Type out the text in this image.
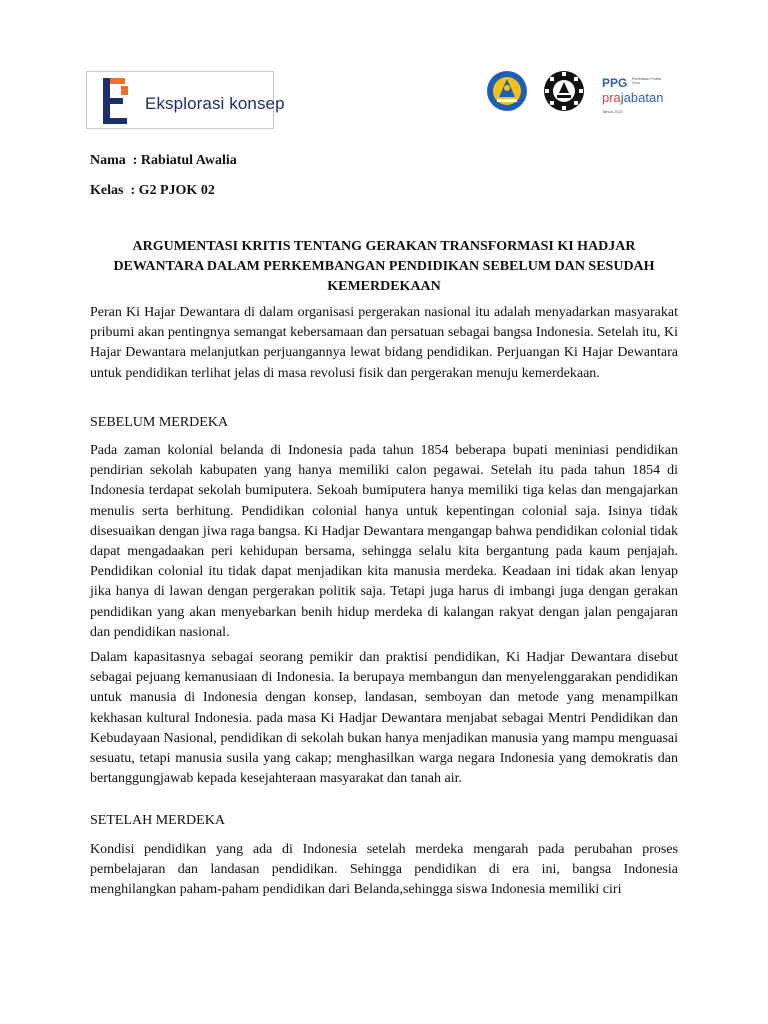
Eksplorasi konsep
PPG Pendidikan Profesi Guru
prajabatan
Tahun 2022
Nama  : Rabiatul Awalia
Kelas  : G2 PJOK 02
ARGUMENTASI KRITIS TENTANG GERAKAN TRANSFORMASI KI HADJAR
DEWANTARA DALAM PERKEMBANGAN PENDIDIKAN SEBELUM DAN SESUDAH
KEMERDEKAAN

Peran Ki Hajar Dewantara di dalam organisasi pergerakan nasional itu adalah menyadarkan masyarakat pribumi akan pentingnya semangat kebersamaan dan persatuan sebagai bangsa Indonesia. Setelah itu, Ki Hajar Dewantara melanjutkan perjuangannya lewat bidang pendidikan. Perjuangan Ki Hajar Dewantara untuk pendidikan terlihat jelas di masa revolusi fisik dan pergerakan menuju kemerdekaan.

SEBELUM MERDEKA

Pada zaman kolonial belanda di Indonesia pada tahun 1854 beberapa bupati meniniasi pendidikan pendirian sekolah kabupaten yang hanya memiliki calon pegawai. Setelah itu pada tahun 1854 di Indonesia terdapat sekolah bumiputera. Sekoah bumiputera hanya memiliki tiga kelas dan mengajarkan menulis serta berhitung. Pendidikan colonial hanya untuk kepentingan colonial saja. Isinya tidak disesuaikan dengan jiwa raga bangsa. Ki Hadjar Dewantara mengangap bahwa pendidikan colonial tidak dapat mengadaakan peri kehidupan bersama, sehingga selalu kita bergantung pada kaum penjajah. Pendidikan colonial itu tidak dapat menjadikan kita manusia merdeka. Keadaan ini tidak akan lenyap jika hanya di lawan dengan pergerakan politik saja. Tetapi juga harus di imbangi juga dengan gerakan pendidikan yang akan menyebarkan benih hidup merdeka di kalangan rakyat dengan jalan pengajaran dan pendidikan nasional.

Dalam kapasitasnya sebagai seorang pemikir dan praktisi pendidikan, Ki Hadjar Dewantara disebut sebagai pejuang kemanusiaan di Indonesia. Ia berupaya membangun dan menyelenggarakan pendidikan untuk manusia di Indonesia dengan konsep, landasan, semboyan dan metode yang menampilkan kekhasan kultural Indonesia. pada masa Ki Hadjar Dewantara menjabat sebagai Mentri Pendidikan dan Kebudayaan Nasional, pendidikan di sekolah bukan hanya menjadikan manusia yang mampu menguasai sesuatu, tetapi manusia susila yang cakap; menghasilkan warga negara Indonesia yang demokratis dan bertanggungjawab kepada kesejahteraan masyarakat dan tanah air.

SETELAH MERDEKA

Kondisi pendidikan yang ada di Indonesia setelah merdeka mengarah pada perubahan proses pembelajaran dan landasan pendidikan. Sehingga pendidikan di era ini, bangsa Indonesia menghilangkan paham-paham pendidikan dari Belanda,sehingga siswa Indonesia memiliki ciri
